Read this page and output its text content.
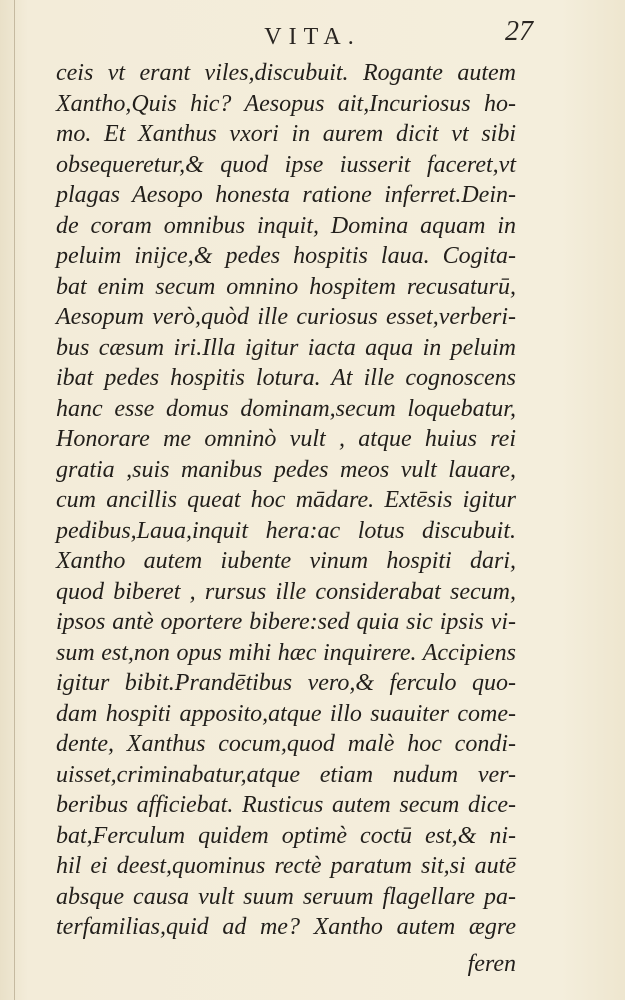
VITA.	27
ceis vt erant viles,discubuit. Rogante autem
Xantho,Quis hic? Aesopus ait,Incuriosus ho-
mo. Et Xanthus vxori in aurem dicit vt sibi
obsequeretur,& quod ipse iusserit faceret,vt
plagas Aesopo honesta ratione inferret.Dein-
de coram omnibus inquit, Domina aquam in
peluim inijce,& pedes hospitis laua. Cogita-
bat enim secum omnino hospitem recusaturū,
Aesopum verò,quòd ille curiosus esset,verberi-
bus cæsum iri.Illa igitur iacta aqua in peluim
ibat pedes hospitis lotura. At ille cognoscens
hanc esse domus dominam,secum loquebatur,
Honorare me omninò vult , atque huius rei
gratia ,suis manibus pedes meos vult lauare,
cum ancillis queat hoc mādare. Extēsis igitur
pedibus,Laua,inquit hera:ac lotus discubuit.
Xantho autem iubente vinum hospiti dari,
quod biberet , rursus ille considerabat secum,
ipsos antè oportere bibere:sed quia sic ipsis vi-
sum est,non opus mihi hæc inquirere. Accipiens
igitur bibit.Prandētibus vero,& ferculo quo-
dam hospiti apposito,atque illo suauiter come-
dente, Xanthus cocum,quod malè hoc condi-
uisset,criminabatur,atque etiam nudum ver-
beribus afficiebat. Rusticus autem secum dice-
bat,Ferculum quidem optimè coctū est,& ni-
hil ei deest,quominus rectè paratum sit,si autē
absque causa vult suum seruum flagellare pa-
terfamilias,quid ad me? Xantho autem ægre
feren
